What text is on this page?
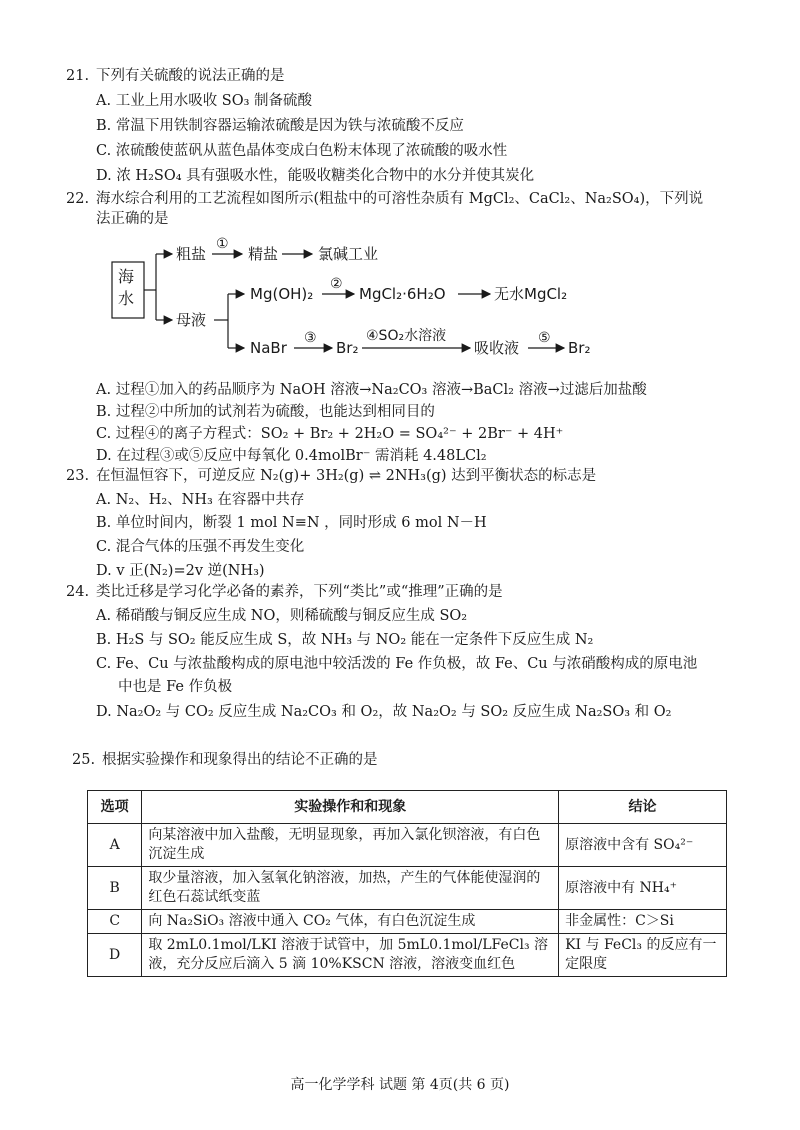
21. 下列有关硫酸的说法正确的是
A. 工业上用水吸收 SO₃ 制备硫酸
B. 常温下用铁制容器运输浓硫酸是因为铁与浓硫酸不反应
C. 浓硫酸使蓝矾从蓝色晶体变成白色粉末体现了浓硫酸的吸水性
D. 浓 H₂SO₄ 具有强吸水性，能吸收糖类化合物中的水分并使其炭化
22. 海水综合利用的工艺流程如图所示(粗盐中的可溶性杂质有 MgCl₂、CaCl₂、Na₂SO₄)，下列说
法正确的是
海
水
粗盐
①
精盐	氯碱工业
母液
Mg(OH)₂
②
MgCl₂·6H₂O	无水MgCl₂
NaBr
③
Br₂
④SO₂水溶液
吸收液
⑤
Br₂
A. 过程①加入的药品顺序为 NaOH 溶液→Na₂CO₃ 溶液→BaCl₂ 溶液→过滤后加盐酸
B. 过程②中所加的试剂若为硫酸，也能达到相同目的
C. 过程④的离子方程式：SO₂ + Br₂ + 2H₂O = SO₄²⁻ + 2Br⁻ + 4H⁺
D. 在过程③或⑤反应中每氧化 0.4molBr⁻ 需消耗 4.48LCl₂
23. 在恒温恒容下，可逆反应 N₂(g)+ 3H₂(g) ⇌ 2NH₃(g) 达到平衡状态的标志是
A. N₂、H₂、NH₃ 在容器中共存
B. 单位时间内，断裂 1 mol N≡N ，同时形成 6 mol N－H
C. 混合气体的压强不再发生变化
D. v 正(N₂)=2v 逆(NH₃)
24. 类比迁移是学习化学必备的素养，下列“类比”或“推理”正确的是
A. 稀硝酸与铜反应生成 NO，则稀硫酸与铜反应生成 SO₂
B. H₂S 与 SO₂ 能反应生成 S，故 NH₃ 与 NO₂ 能在一定条件下反应生成 N₂
C. Fe、Cu 与浓盐酸构成的原电池中较活泼的 Fe 作负极，故 Fe、Cu 与浓硝酸构成的原电池
中也是 Fe 作负极
D. Na₂O₂ 与 CO₂ 反应生成 Na₂CO₃ 和 O₂，故 Na₂O₂ 与 SO₂ 反应生成 Na₂SO₃ 和 O₂
25. 根据实验操作和现象得出的结论不正确的是
选项	实验操作和和现象	结论
A	向某溶液中加入盐酸，无明显现象，再加入氯化钡溶液，有白色沉淀生成	原溶液中含有 SO₄²⁻
B	取少量溶液，加入氢氧化钠溶液，加热，产生的气体能使湿润的红色石蕊试纸变蓝	原溶液中有 NH₄⁺
C	向 Na₂SiO₃ 溶液中通入 CO₂ 气体，有白色沉淀生成	非金属性：C＞Si
D	取 2mL0.1mol/LKI 溶液于试管中，加 5mL0.1mol/LFeCl₃ 溶液，充分反应后滴入 5 滴 10%KSCN 溶液，溶液变血红色	KI 与 FeCl₃ 的反应有一定限度
高一化学学科 试题 第 4页(共 6 页)
